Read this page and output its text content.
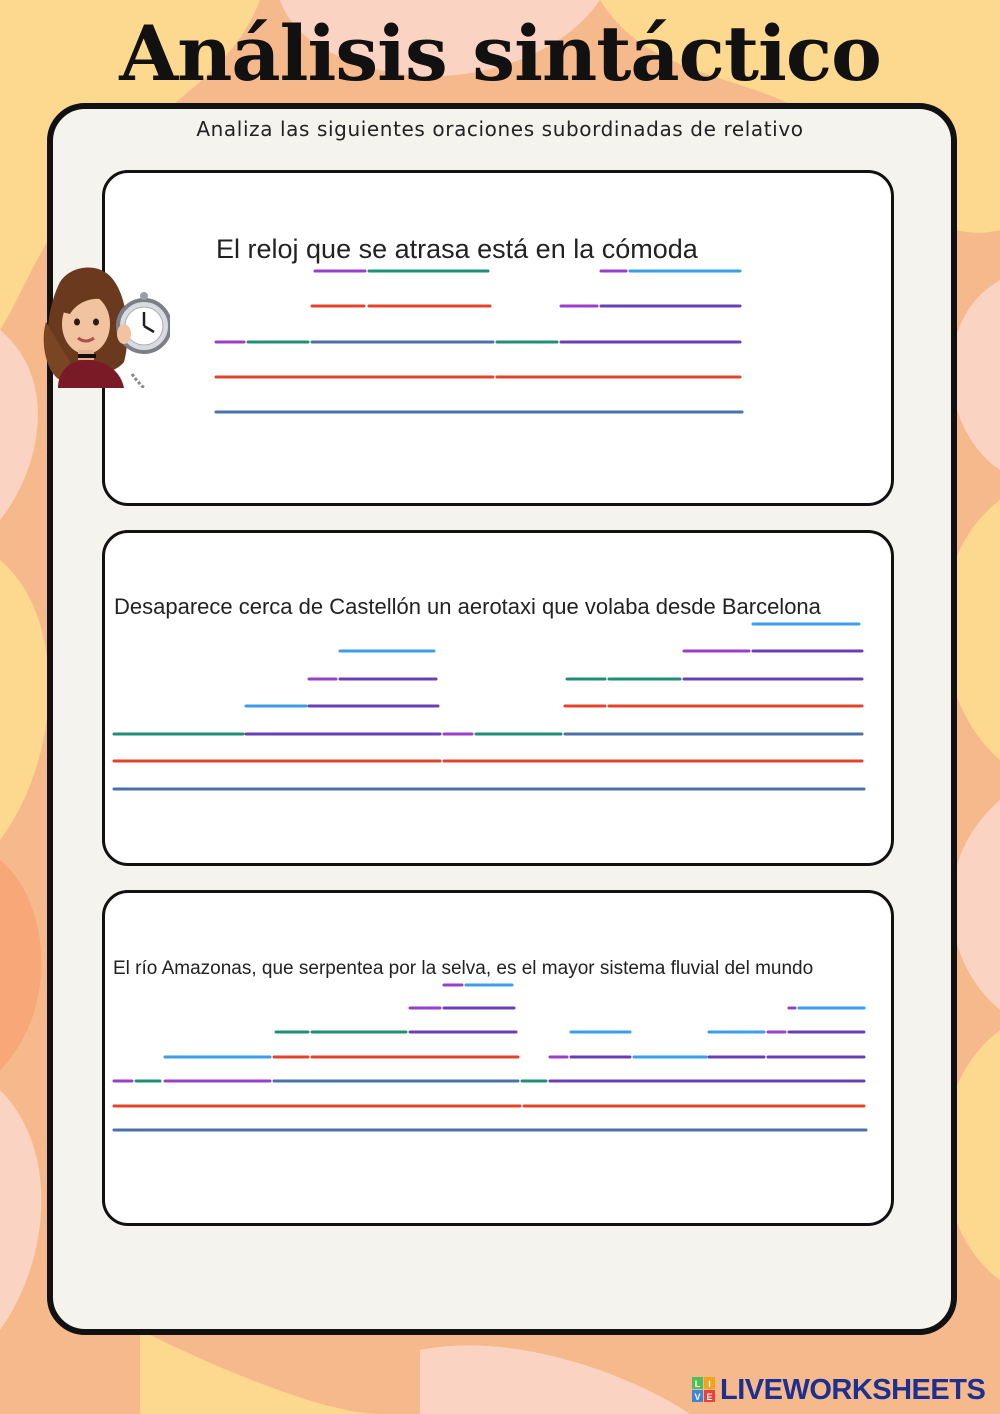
Análisis sintáctico

Analiza las siguientes oraciones subordinadas de relativo

El reloj que se atrasa está en la cómoda

Desaparece cerca de Castellón un aerotaxi que volaba desde Barcelona

El río Amazonas, que serpentea por la selva, es el mayor sistema fluvial del mundo

L I
V E LIVEWORKSHEETS
